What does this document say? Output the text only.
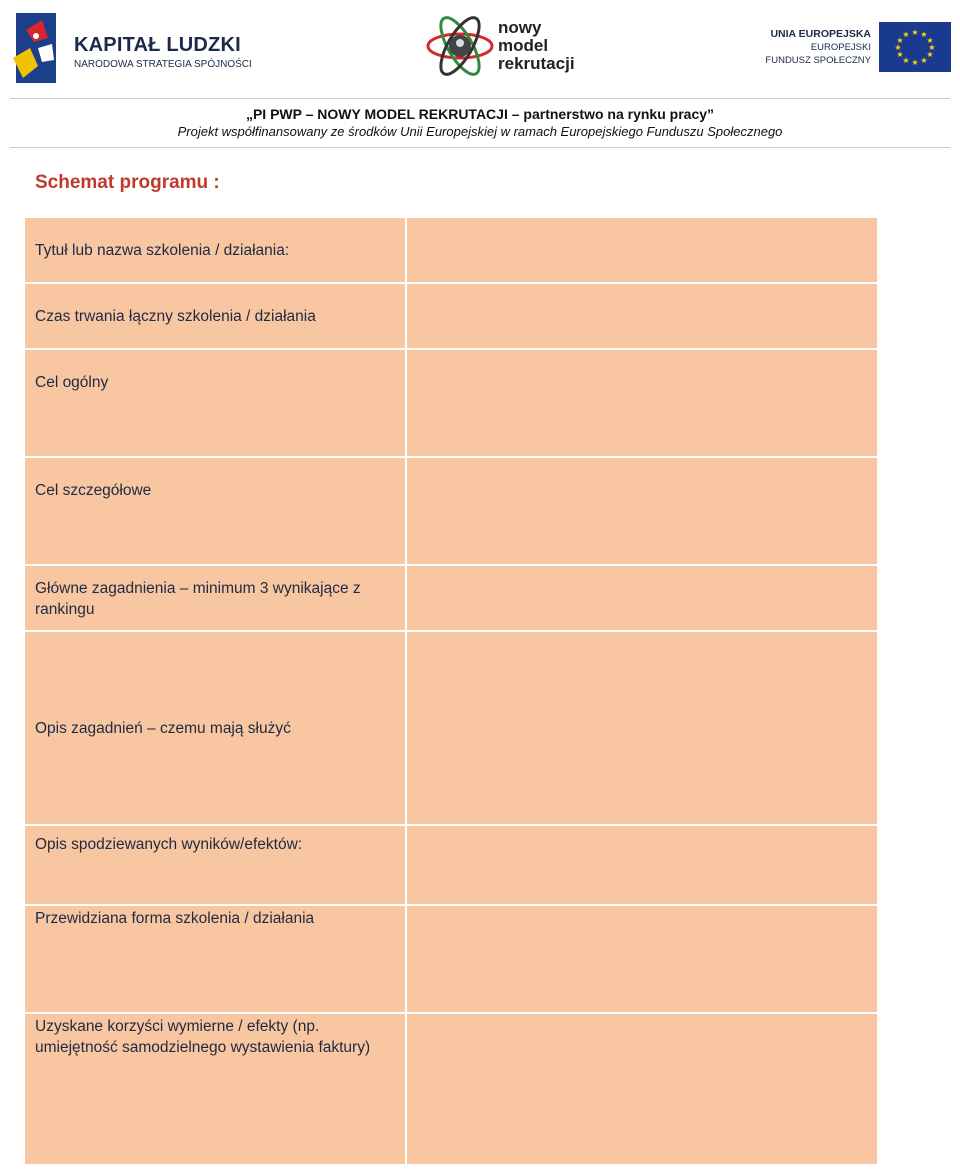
KAPITAŁ LUDZKI
NARODOWA STRATEGIA SPÓJNOŚCI
nowy
model
rekrutacji
UNIA EUROPEJSKA
EUROPEJSKI
FUNDUSZ SPOŁECZNY
★ ★
★
★
★
★
★
★
★
★
★
★
„PI PWP – NOWY MODEL REKRUTACJI – partnerstwo na rynku pracy”
Projekt współfinansowany ze środków Unii Europejskiej w ramach Europejskiego Funduszu Społecznego
Schemat programu :
Tytuł lub nazwa szkolenia / działania:
Czas trwania łączny szkolenia / działania
Cel ogólny
Cel szczegółowe
Główne zagadnienia – minimum 3 wynikające z rankingu
Opis zagadnień – czemu mają służyć
Opis spodziewanych wyników/efektów:
Przewidziana forma szkolenia / działania
Uzyskane korzyści wymierne / efekty (np. umiejętność samodzielnego wystawienia faktury)
